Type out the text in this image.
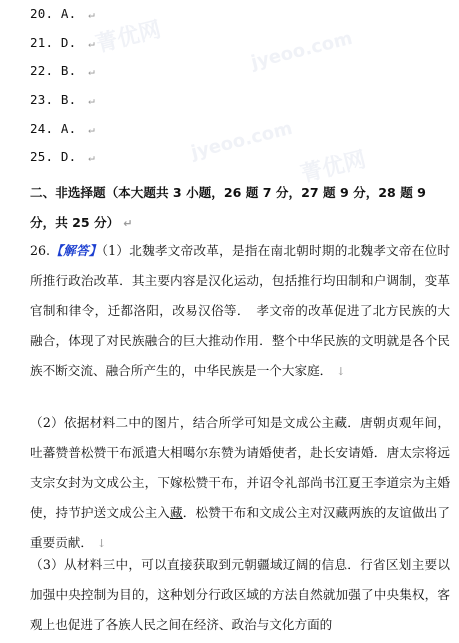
菁优网	jyeoo.com
菁优网
jyeoo.com
20. A. ↵
21. D. ↵
22. B. ↵
23. B. ↵
24. A. ↵
25. D. ↵
二、非选择题（本大题共 3 小题，26 题 7 分，27 题 9 分，28 题 9 分，共 25 分） ↵
26.【解答】（1）北魏孝文帝改革，是指在南北朝时期的北魏孝文帝在位时所推行政治改革．其主要内容是汉化运动，包括推行均田制和户调制，变革官制和律令，迁都洛阳，改易汉俗等．　孝文帝的改革促进了北方民族的大融合，体现了对民族融合的巨大推动作用．整个中华民族的文明就是各个民族不断交流、融合所产生的，中华民族是一个大家庭． ↓
（2）依据材料二中的图片，结合所学可知是文成公主藏．唐朝贞观年间，吐蕃赞普松赞干布派遣大相噶尔东赞为请婚使者，赴长安请婚．唐太宗将远支宗女封为文成公主，下嫁松赞干布，并诏令礼部尚书江夏王李道宗为主婚使，持节护送文成公主入藏．松赞干布和文成公主对汉藏两族的友谊做出了重要贡献． ↓
（3）从材料三中，可以直接获取到元朝疆域辽阔的信息．行省区划主要以加强中央控制为目的，这种划分行政区域的方法自然就加强了中央集权，客观上也促进了各族人民之间在经济、政治与文化方面的
